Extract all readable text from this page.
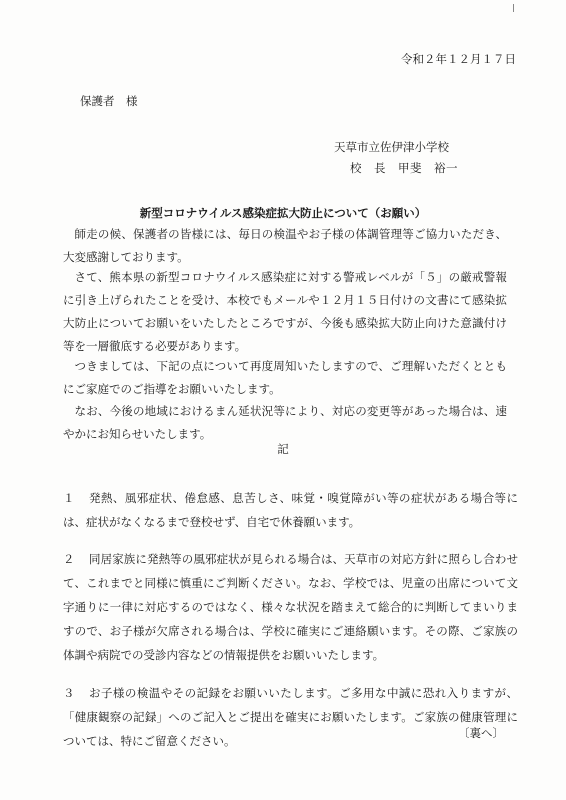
令和２年１２月１７日
保護者　様
天草市立佐伊津小学校
校　長　甲斐　裕一
新型コロナウイルス感染症拡大防止について（お願い）
師走の候、保護者の皆様には、毎日の検温やお子様の体調管理等ご協力いただき、大変感謝しております。
さて、熊本県の新型コロナウイルス感染症に対する警戒レベルが「５」の厳戒警報に引き上げられたことを受け、本校でもメールや１２月１５日付けの文書にて感染拡大防止についてお願いをいたしたところですが、今後も感染拡大防止向けた意識付け等を一層徹底する必要があります。
つきましては、下記の点について再度周知いたしますので、ご理解いただくとともにご家庭でのご指導をお願いいたします。
なお、今後の地域におけるまん延状況等により、対応の変更等があった場合は、速やかにお知らせいたします。
記
１	発熱、風邪症状、倦怠感、息苦しさ、味覚・嗅覚障がい等の症状がある場合等には、症状がなくなるまで登校せず、自宅で休養願います。
２	同居家族に発熱等の風邪症状が見られる場合は、天草市の対応方針に照らし合わせて、これまでと同様に慎重にご判断ください。なお、学校では、児童の出席について文字通りに一律に対応するのではなく、様々な状況を踏まえて総合的に判断してまいりますので、お子様が欠席される場合は、学校に確実にご連絡願います。その際、ご家族の体調や病院での受診内容などの情報提供をお願いいたします。
３	お子様の検温やその記録をお願いいたします。ご多用な中誠に恐れ入りますが、「健康観察の記録」へのご記入とご提出を確実にお願いたします。ご家族の健康管理については、特にご留意ください。
〔裏へ〕
